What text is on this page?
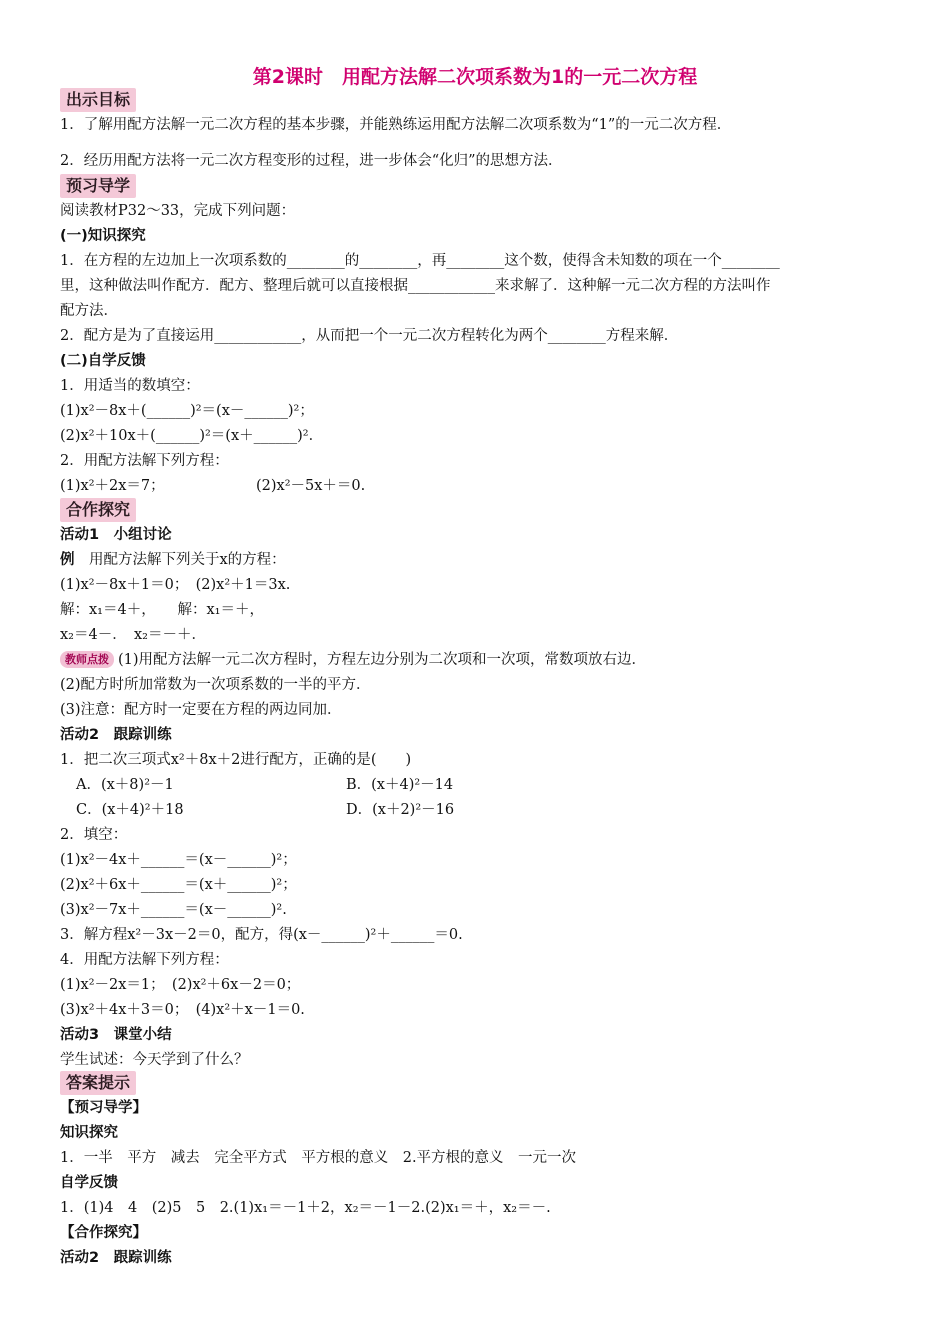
第2课时　用配方法解二次项系数为1的一元二次方程
出示目标
1．了解用配方法解一元二次方程的基本步骤，并能熟练运用配方法解二次项系数为“1”的一元二次方程．
2．经历用配方法将一元二次方程变形的过程，进一步体会“化归”的思想方法．
预习导学
阅读教材P32～33，完成下列问题：
(一)知识探究
1．在方程的左边加上一次项系数的________的________，再________这个数，使得含未知数的项在一个________
里，这种做法叫作配方．配方、整理后就可以直接根据____________来求解了．这种解一元二次方程的方法叫作
配方法．
2．配方是为了直接运用____________，从而把一个一元二次方程转化为两个________方程来解．
(二)自学反馈
1．用适当的数填空：
(1)x²－8x＋(______)²＝(x－______)²；
(2)x²＋10x＋(______)²＝(x＋______)²．
2．用配方法解下列方程：
(1)x²＋2x＝7；	(2)x²－5x＋＝0.
合作探究
活动1　小组讨论
例　用配方法解下列关于x的方程：
(1)x²－8x＋1＝0；　(2)x²＋1＝3x.
解：x₁＝4＋，　　解：x₁＝＋，
x₂＝4－．　x₂＝－＋．
教师点拨 (1)用配方法解一元二次方程时，方程左边分别为二次项和一次项，常数项放右边．
(2)配方时所加常数为一次项系数的一半的平方．
(3)注意：配方时一定要在方程的两边同加．
活动2　跟踪训练
1．把二次三项式x²＋8x＋2进行配方，正确的是(　　)
A．(x＋8)²－1	B．(x＋4)²－14
C．(x＋4)²＋18	D．(x＋2)²－16
2．填空：
(1)x²－4x＋______＝(x－______)²；
(2)x²＋6x＋______＝(x＋______)²；
(3)x²－7x＋______＝(x－______)².
3．解方程x²－3x－2＝0，配方，得(x－______)²＋______＝0.
4．用配方法解下列方程：
(1)x²－2x＝1；　(2)x²＋6x－2＝0；
(3)x²＋4x＋3＝0；　(4)x²＋x－1＝0.
活动3　课堂小结
学生试述：今天学到了什么？
答案提示
【预习导学】
知识探究
1．一半　平方　减去　完全平方式　平方根的意义　2.平方根的意义　一元一次
自学反馈
1．(1)4　4　(2)5　5　2.(1)x₁＝－1＋2，x₂＝－1－2.(2)x₁＝＋，x₂＝－.
【合作探究】
活动2　跟踪训练
